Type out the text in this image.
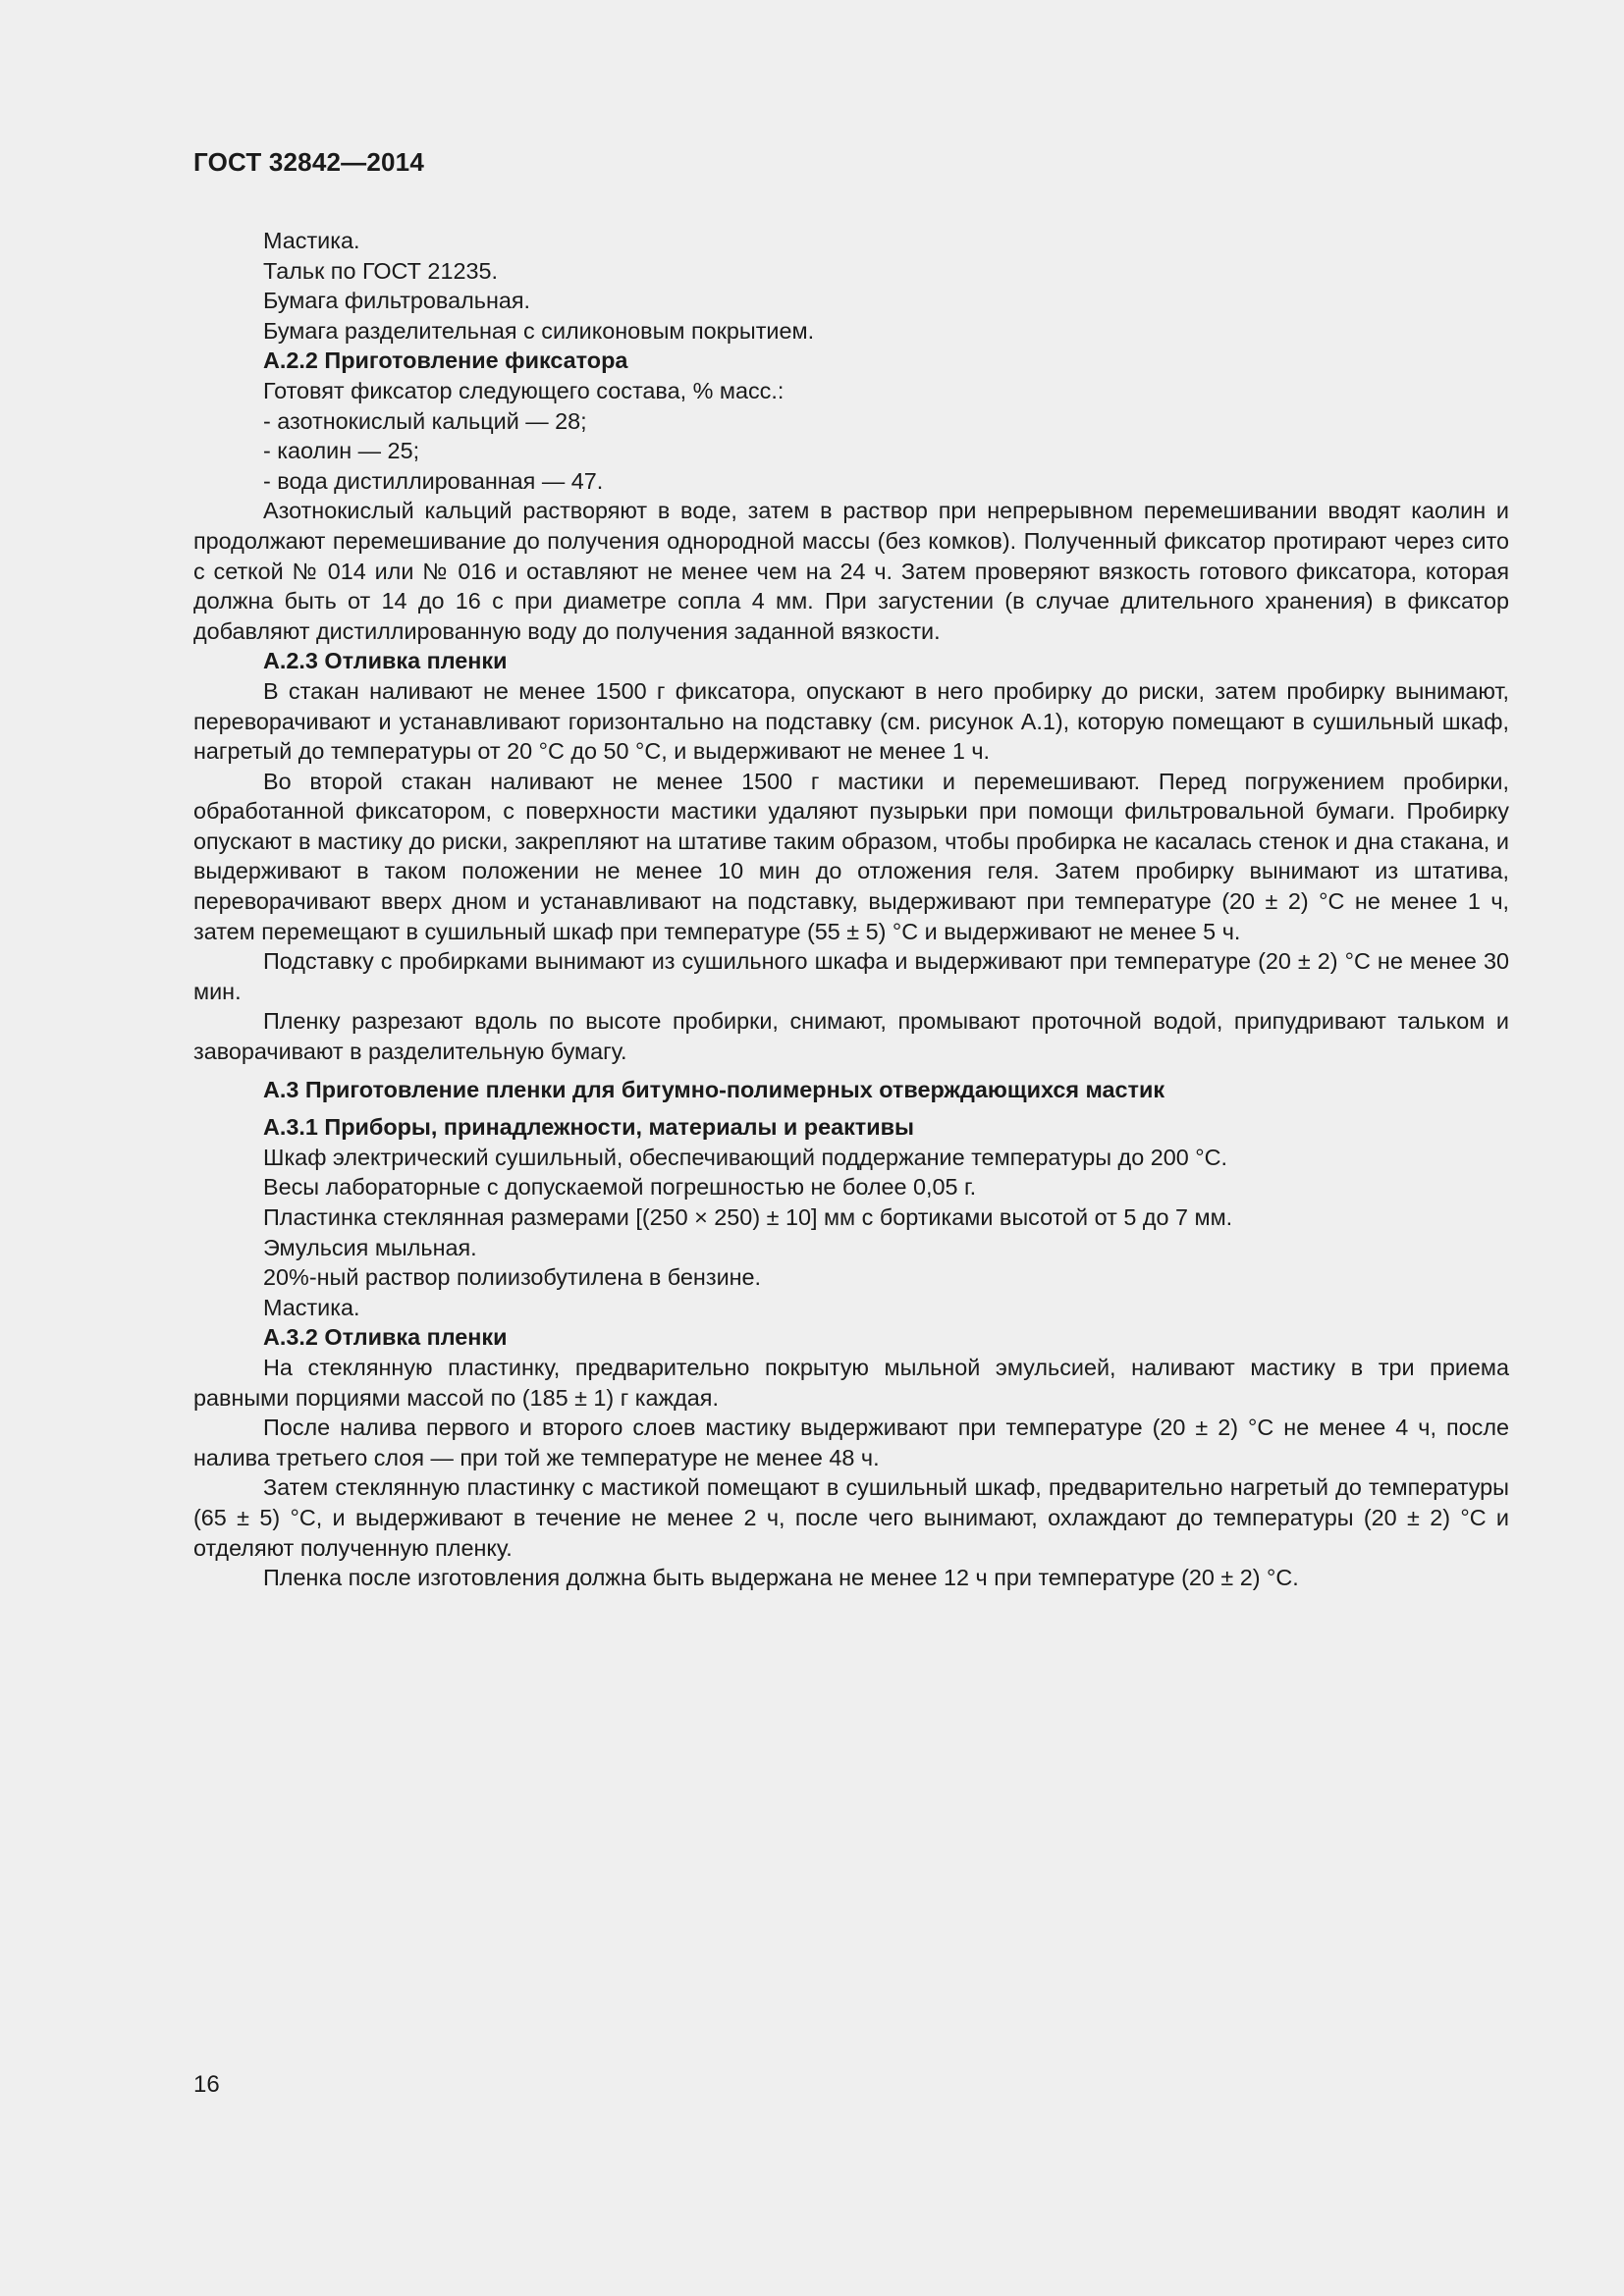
ГОСТ 32842—2014

Мастика.

Тальк по ГОСТ 21235.

Бумага фильтровальная.

Бумага разделительная с силиконовым покрытием.

А.2.2 Приготовление фиксатора

Готовят фиксатор следующего состава, % масс.:

- азотнокислый кальций — 28;

- каолин — 25;

- вода дистиллированная — 47.

Азотнокислый кальций растворяют в воде, затем в раствор при непрерывном перемешивании вводят каолин и продолжают перемешивание до получения однородной массы (без комков). Полученный фиксатор протирают через сито с сеткой № 014 или № 016 и оставляют не менее чем на 24 ч. Затем проверяют вязкость готового фиксатора, которая должна быть от 14 до 16 с при диаметре сопла 4 мм. При загустении (в случае длительного хранения) в фиксатор добавляют дистиллированную воду до получения заданной вязкости.

А.2.3 Отливка пленки

В стакан наливают не менее 1500 г фиксатора, опускают в него пробирку до риски, затем пробирку вынимают, переворачивают и устанавливают горизонтально на подставку (см. рисунок А.1), которую помещают в сушильный шкаф, нагретый до температуры от 20 °С до 50 °С, и выдерживают не менее 1 ч.

Во второй стакан наливают не менее 1500 г мастики и перемешивают. Перед погружением пробирки, обработанной фиксатором, с поверхности мастики удаляют пузырьки при помощи фильтровальной бумаги. Пробирку опускают в мастику до риски, закрепляют на штативе таким образом, чтобы пробирка не касалась стенок и дна стакана, и выдерживают в таком положении не менее 10 мин до отложения геля. Затем пробирку вынимают из штатива, переворачивают вверх дном и устанавливают на подставку, выдерживают при температуре (20 ± 2) °С не менее 1 ч, затем перемещают в сушильный шкаф при температуре (55 ± 5) °С и выдерживают не менее 5 ч.

Подставку с пробирками вынимают из сушильного шкафа и выдерживают при температуре (20 ± 2) °С не менее 30 мин.

Пленку разрезают вдоль по высоте пробирки, снимают, промывают проточной водой, припудривают тальком и заворачивают в разделительную бумагу.

А.3 Приготовление пленки для битумно-полимерных отверждающихся мастик

А.3.1 Приборы, принадлежности, материалы и реактивы

Шкаф электрический сушильный, обеспечивающий поддержание температуры до 200 °С.

Весы лабораторные с допускаемой погрешностью не более 0,05 г.

Пластинка стеклянная размерами [(250 × 250) ± 10] мм с бортиками высотой от 5 до 7 мм.

Эмульсия мыльная.

20%-ный раствор полиизобутилена в бензине.

Мастика.

А.3.2 Отливка пленки

На стеклянную пластинку, предварительно покрытую мыльной эмульсией, наливают мастику в три приема равными порциями массой по (185 ± 1) г каждая.

После налива первого и второго слоев мастику выдерживают при температуре (20 ± 2) °С не менее 4 ч, после налива третьего слоя — при той же температуре не менее 48 ч.

Затем стеклянную пластинку с мастикой помещают в сушильный шкаф, предварительно нагретый до температуры (65 ± 5) °С, и выдерживают в течение не менее 2 ч, после чего вынимают, охлаждают до температуры (20 ± 2) °С и отделяют полученную пленку.

Пленка после изготовления должна быть выдержана не менее 12 ч при температуре (20 ± 2) °С.

16
